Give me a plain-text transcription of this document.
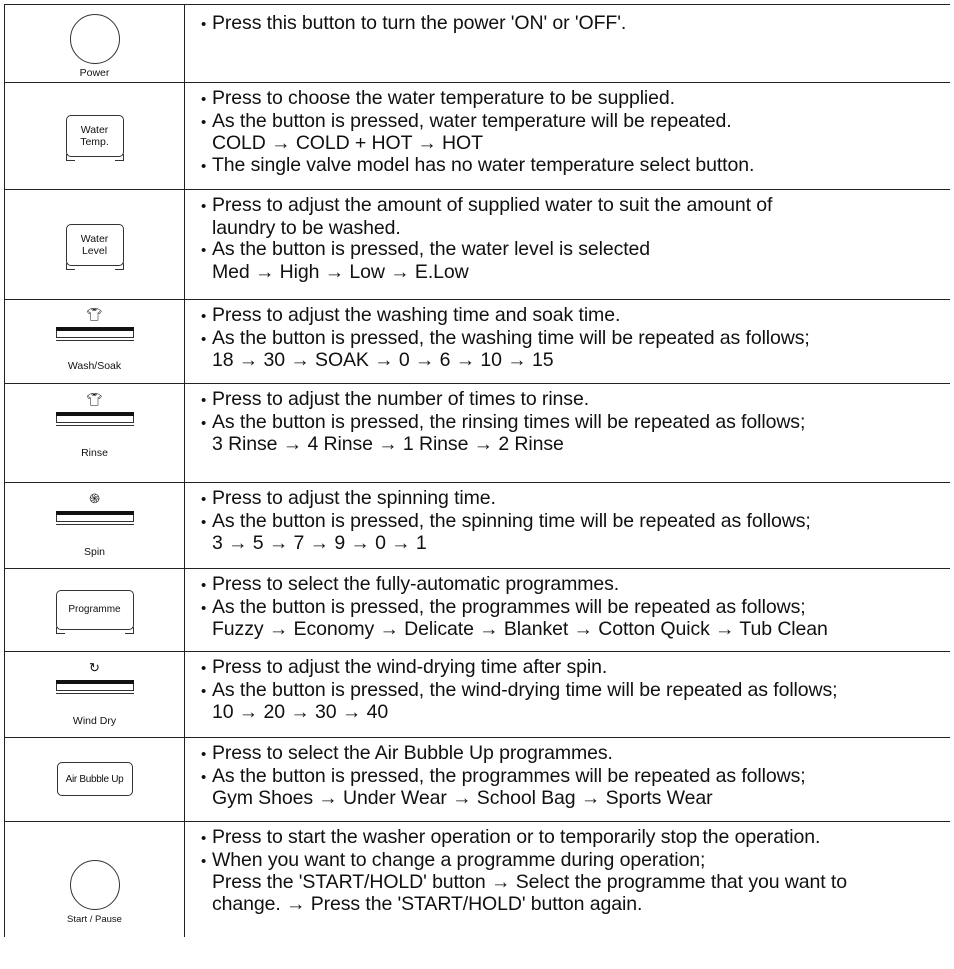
Power
• Press this button to turn the power 'ON' or 'OFF'.
Water
Temp.
• Press to choose the water temperature to be supplied.
• As the button is pressed, water temperature will be repeated.
COLD → COLD + HOT → HOT
• The single valve model has no water temperature select button.
Water
Level
• Press to adjust the amount of supplied water to suit the amount of
laundry to be washed.
• As the button is pressed, the water level is selected
Med → High → Low → E.Low
👕︎
Wash/Soak
• Press to adjust the washing time and soak time.
• As the button is pressed, the washing time will be repeated as follows;
18 → 30 → SOAK → 0 → 6 → 10 → 15
👕︎
Rinse
• Press to adjust the number of times to rinse.
• As the button is pressed, the rinsing times will be repeated as follows;
3 Rinse → 4 Rinse → 1 Rinse → 2 Rinse
֍
Spin
• Press to adjust the spinning time.
• As the button is pressed, the spinning time will be repeated as follows;
3 → 5 → 7 → 9 → 0 → 1
Programme
• Press to select the fully-automatic programmes.
• As the button is pressed, the programmes will be repeated as follows;
Fuzzy → Economy → Delicate → Blanket → Cotton Quick → Tub Clean
↻
Wind Dry
• Press to adjust the wind-drying time after spin.
• As the button is pressed, the wind-drying time will be repeated as follows;
10 → 20 → 30 → 40
Air Bubble Up
• Press to select the Air Bubble Up programmes.
• As the button is pressed, the programmes will be repeated as follows;
Gym Shoes → Under Wear → School Bag → Sports Wear
Start / Pause
• Press to start the washer operation or to temporarily stop the operation.
• When you want to change a programme during operation;
Press the 'START/HOLD' button → Select the programme that you want to
change. → Press the 'START/HOLD' button again.
